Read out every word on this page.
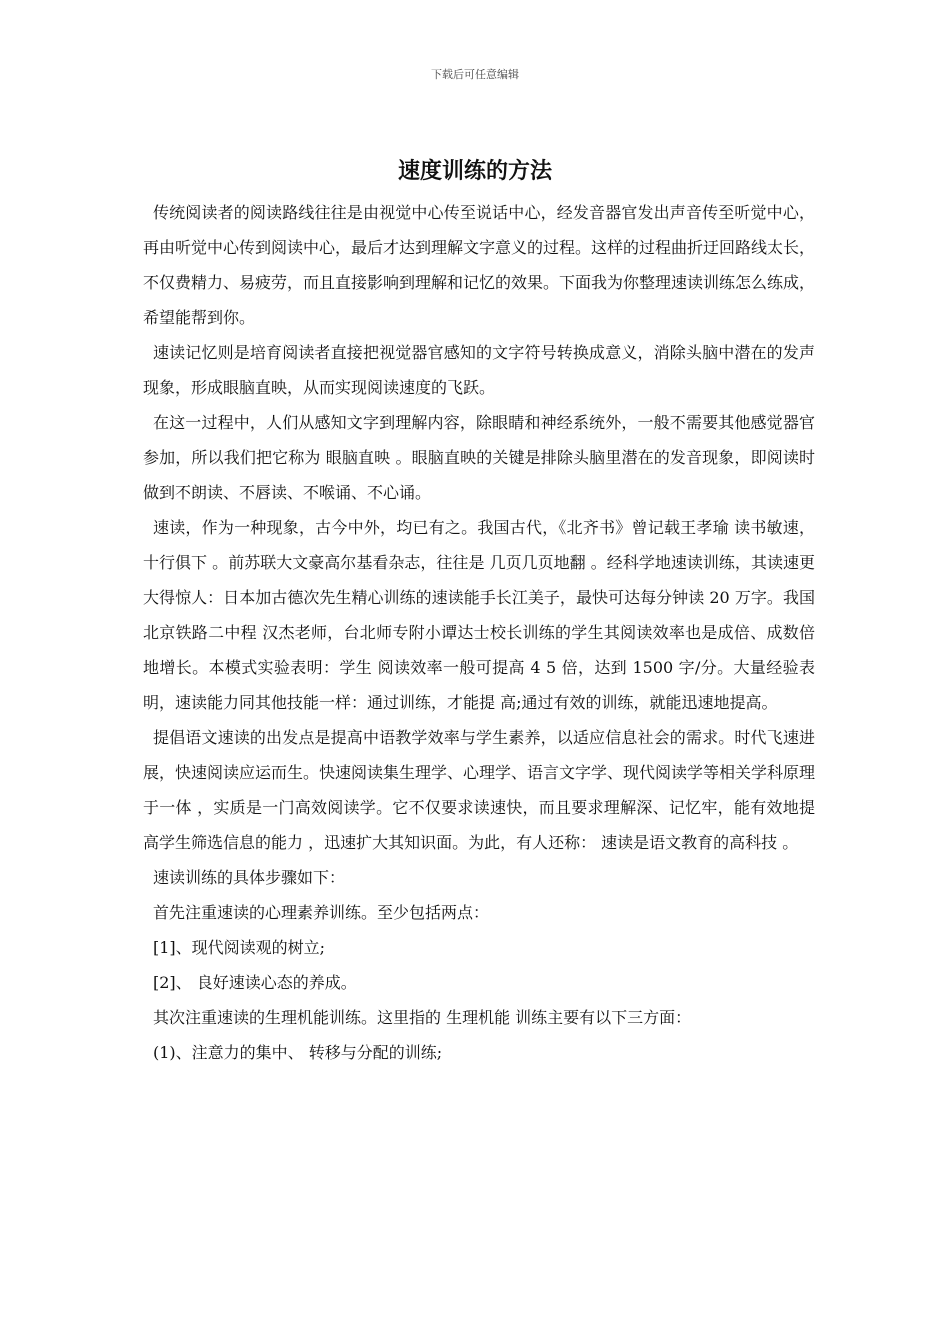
下载后可任意编辑
速度训练的方法

传统阅读者的阅读路线往往是由视觉中心传至说话中心，经发音器官发出声音传至听觉中心，再由听觉中心传到阅读中心，最后才达到理解文字意义的过程。这样的过程曲折迂回路线太长，不仅费精力、易疲劳，而且直接影响到理解和记忆的效果。下面我为你整理速读训练怎么练成，希望能帮到你。

速读记忆则是培育阅读者直接把视觉器官感知的文字符号转换成意义，消除头脑中潜在的发声现象，形成眼脑直映，从而实现阅读速度的飞跃。

在这一过程中，人们从感知文字到理解内容，除眼睛和神经系统外，一般不需要其他感觉器官参加，所以我们把它称为 眼脑直映 。眼脑直映的关键是排除头脑里潜在的发音现象，即阅读时做到不朗读、不唇读、不喉诵、不心诵。

速读，作为一种现象，古今中外，均已有之。我国古代，《北齐书》曾记载王孝瑜 读书敏速，十行俱下 。前苏联大文豪高尔基看杂志，往往是 几页几页地翻 。经科学地速读训练，其读速更大得惊人：日本加古德次先生精心训练的速读能手长江美子，最快可达每分钟读 20 万字。我国北京铁路二中程 汉杰老师，台北师专附小谭达士校长训练的学生其阅读效率也是成倍、成数倍地增长。本模式实验表明：学生 阅读效率一般可提高 4 5 倍，达到 1500 字/分。大量经验表明，速读能力同其他技能一样：通过训练，才能提 高;通过有效的训练，就能迅速地提高。

提倡语文速读的出发点是提高中语教学效率与学生素养，以适应信息社会的需求。时代飞速进展，快速阅读应运而生。快速阅读集生理学、心理学、语言文字学、现代阅读学等相关学科原理于一体 ，实质是一门高效阅读学。它不仅要求读速快，而且要求理解深、记忆牢，能有效地提高学生筛选信息的能力 ，迅速扩大其知识面。为此，有人还称： 速读是语文教育的高科技 。

速读训练的具体步骤如下：

首先注重速读的心理素养训练。至少包括两点：

[1]、现代阅读观的树立;

[2]、 良好速读心态的养成。

其次注重速读的生理机能训练。这里指的 生理机能 训练主要有以下三方面：

(1)、注意力的集中、 转移与分配的训练;
